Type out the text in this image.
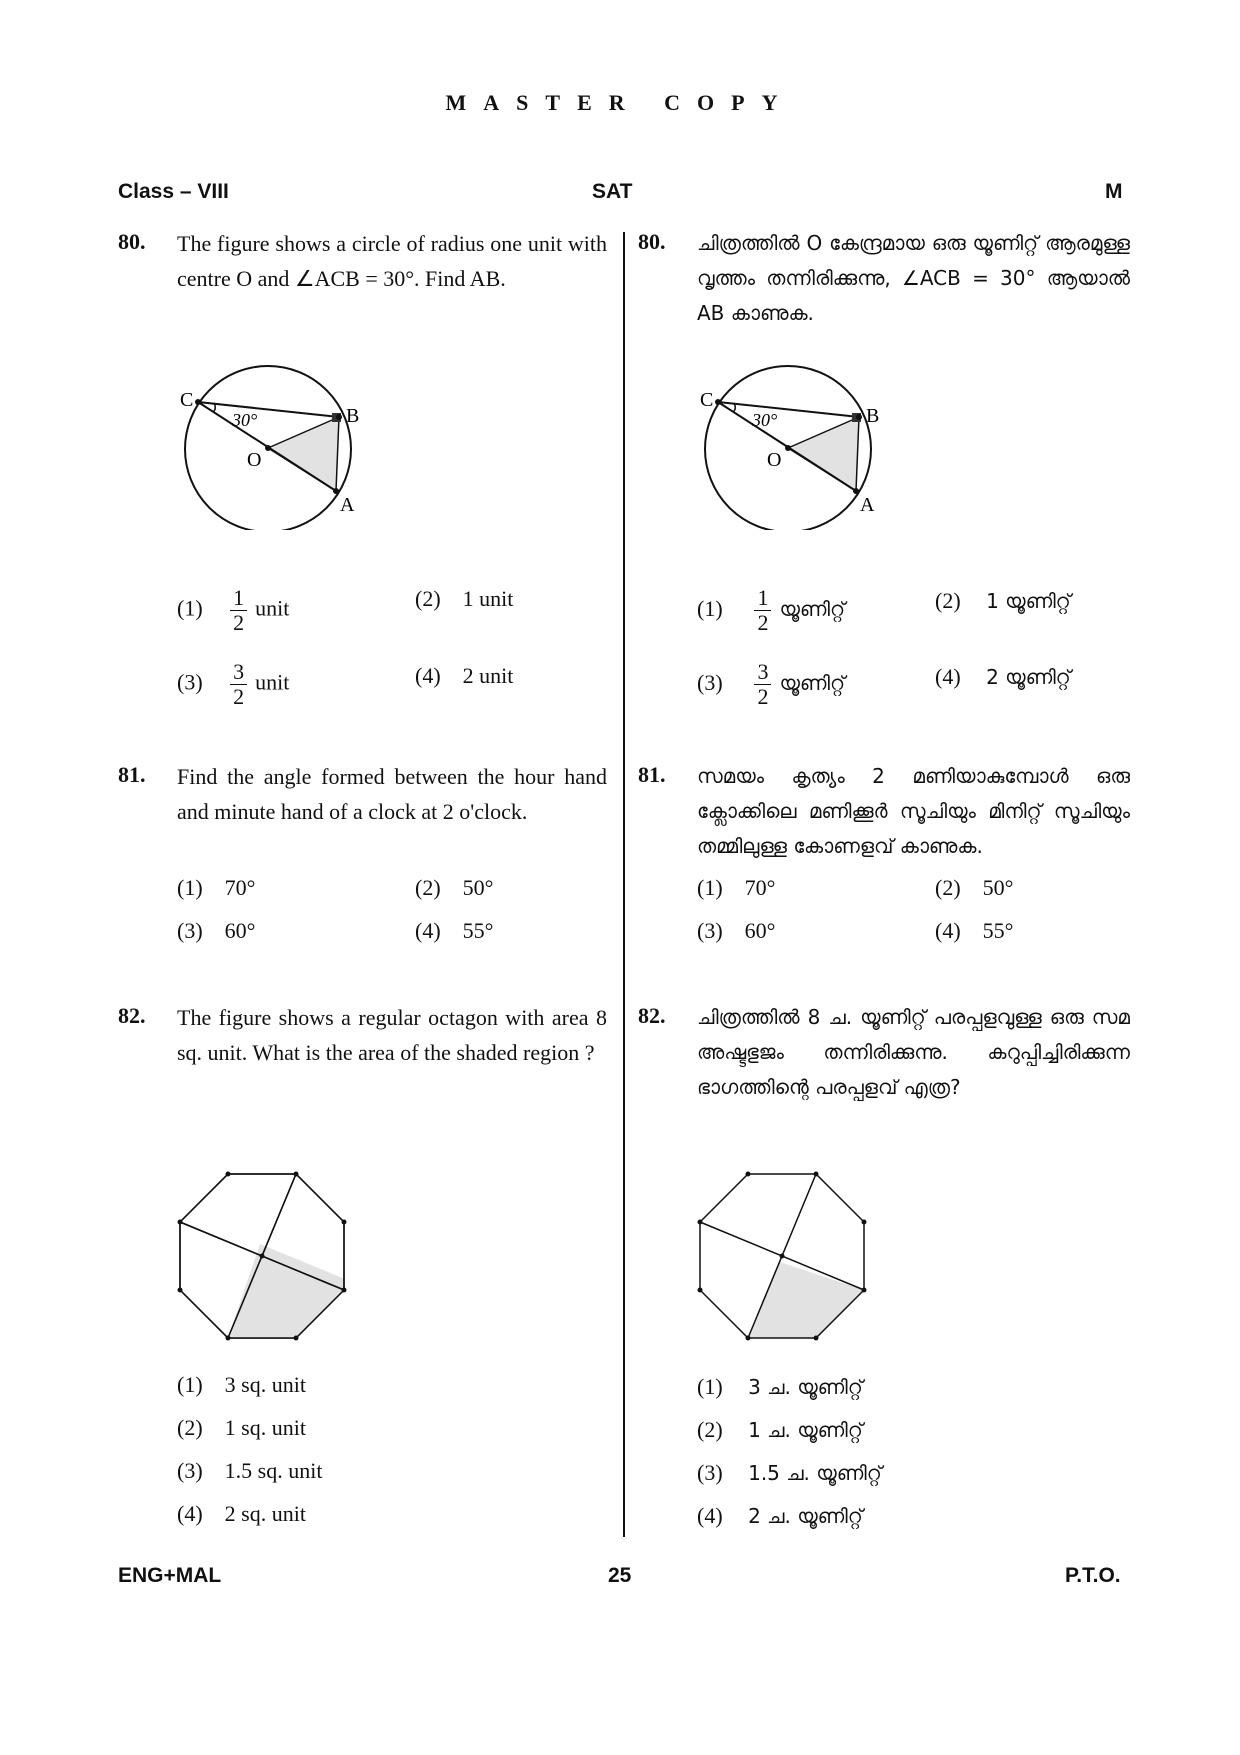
MASTER COPY
Class – VIII	SAT	M
80. The figure shows a circle of radius one unit with centre O and ∠ACB = 30°. Find AB.
C
B
O
A
30°
$(1) \frac{1}{2}$ unit	(2) 1 unit
$(3) \frac{3}{2}$ unit	(4) 2 unit
81. Find the angle formed between the hour hand and minute hand of a clock at 2 o'clock.
(1) 70°	(2) 50°
(3) 60°	(4) 55°
82. The figure shows a regular octagon with area 8 sq. unit. What is the area of the shaded region ?
(1) 3 sq. unit
(2) 1 sq. unit
(3) 1.5 sq. unit
(4) 2 sq. unit
80. ചിത്രത്തിൽ O കേന്ദ്രമായ ഒരു യൂണിറ്റ് ആരമുള്ള വൃത്തം തന്നിരിക്കുന്നു, ∠ACB = 30° ആയാൽ AB കാണുക.
C
B
O
A
30°
$(1) \frac{1}{2}$ യൂണിറ്റ്	(2) 1 യൂണിറ്റ്
$(3) \frac{3}{2}$ യൂണിറ്റ്	(4) 2 യൂണിറ്റ്
81. സമയം കൃത്യം 2 മണിയാകുമ്പോൾ ഒരു ക്ലോക്കിലെ മണിക്കൂർ സൂചിയും മിനിറ്റ് സൂചിയും തമ്മിലുള്ള കോണളവ് കാണുക.
(1) 70°	(2) 50°
(3) 60°	(4) 55°
82. ചിത്രത്തിൽ 8 ച. യൂണിറ്റ് പരപ്പളവുള്ള ഒരു സമ അഷ്ടഭുജം തന്നിരിക്കുന്നു. കറുപ്പിച്ചിരിക്കുന്ന ഭാഗത്തിന്റെ പരപ്പളവ് എത്ര?
(1) 3 ച. യൂണിറ്റ്
(2) 1 ച. യൂണിറ്റ്
(3) 1.5 ച. യൂണിറ്റ്
(4) 2 ച. യൂണിറ്റ്
ENG+MAL	25	P.T.O.
